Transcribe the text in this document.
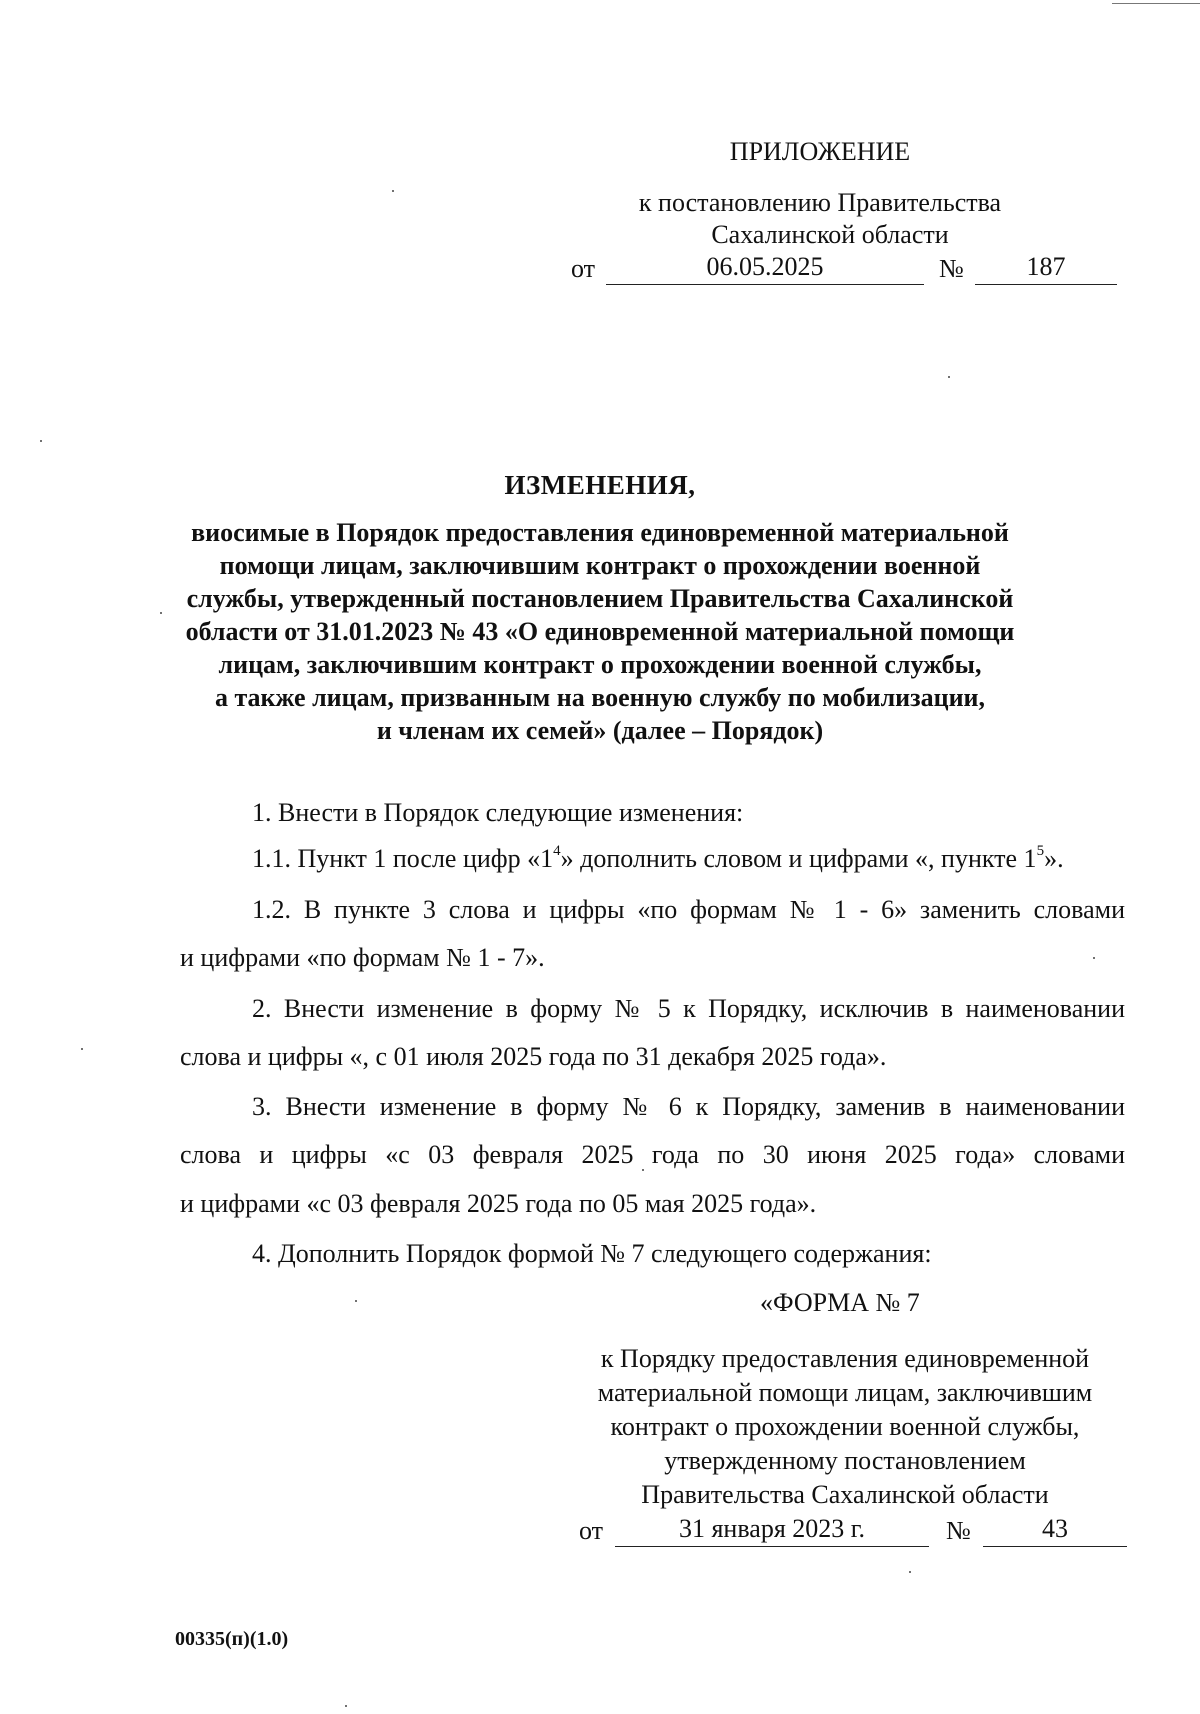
ПРИЛОЖЕНИЕ
к постановлению Правительства
Сахалинской области
от	06.05.2025	№	187
ИЗМЕНЕНИЯ,
виосимые в Порядок предоставления единовременной материальной
помощи лицам, заключившим контракт о прохождении военной
службы, утвержденный постановлением Правительства Сахалинской
области от 31.01.2023 № 43 «О единовременной материальной помощи
лицам, заключившим контракт о прохождении военной службы,
а также лицам, призванным на военную службу по мобилизации,
и членам их семей» (далее – Порядок)
1. Внести в Порядок следующие изменения:
1.1. Пункт 1 после цифр «$1^4$» дополнить словом и цифрами «, пункте $1^5$».
1.2. В пункте 3 слова и цифры «по формам № 1 - 6» заменить словами
и цифрами «по формам № 1 - 7».
2. Внести изменение в форму № 5 к Порядку, исключив в наименовании
слова и цифры «, с 01 июля 2025 года по 31 декабря 2025 года».
3. Внести изменение в форму № 6 к Порядку, заменив в наименовании
слова и цифры «с 03 февраля 2025 года по 30 июня 2025 года» словами
и цифрами «с 03 февраля 2025 года по 05 мая 2025 года».
4. Дополнить Порядок формой № 7 следующего содержания:
«ФОРМА № 7
к Порядку предоставления единовременной
материальной помощи лицам, заключившим
контракт о прохождении военной службы,
утвержденному постановлением
Правительства Сахалинской области
от	31 января 2023 г.	№	43
00335(п)(1.0)
